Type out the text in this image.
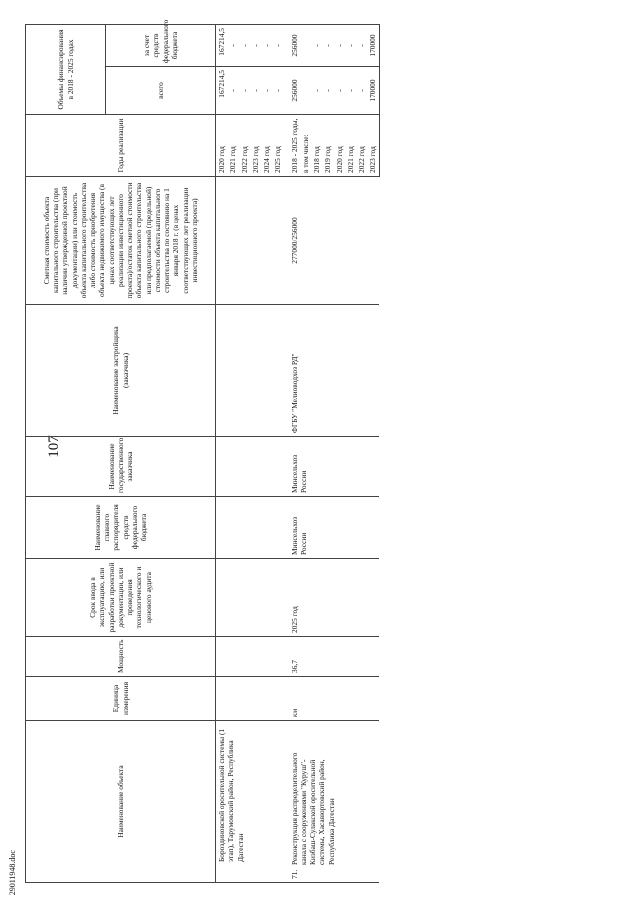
107
29011948.doc
Наименование объекта	Единица измерения	Мощность	Срок ввода в эксплуатацию, или разработки проектной документации, или проведения технологического и ценового аудита	Наименование главного распорядителя средств федерального бюджета	Наименование государственного заказчика	Наименование застройщика (заказчика)	Сметная стоимость объекта капитального строительства (при наличии утвержденной проектной документации) или стоимость объекта капитального строительства либо стоимость приобретения объекта недвижимого имущества (в ценах соответствующих лет реализации инвестиционного проекта)/остаток сметной стоимости объекта капитального строительства или предполагаемой (предельной) стоимости объекта капитального строительства по состоянию на 1 января 2018 г. (в ценах соответствующих лет реализации инвестиционного проекта)	Годы реализации	Объемы финансирования в 2018 - 2025 годах	
									всего	за счет средств федерального бюджета
Бороздиновской оросительной системы (1 этап), Тарумовский район, Республика Дагестан								2020 год	167214,5	167214,5
								2021 год	-	-
								2022 год	-	-
								2023 год	-	-
								2024 год	-	-
								2025 год	-	-
71.Реконструкция распределительного канала с сооружениями "Куруш"-Кизбаш-Сулакской оросительной системы, Хасавюртовский район, Республика Дагестан	км	36,7	2025 год	Минсельхоз России	Минсельхоз России	ФГБУ "Мелиоводхоз РД"	277000/256000	2018 - 2025 годы,	256000	256000
								в том числе:		
								2018 год	-	-
								2019 год	-	-
								2020 год	-	-
								2021 год	-	-
								2022 год	-	-
								2023 год	170000	170000
